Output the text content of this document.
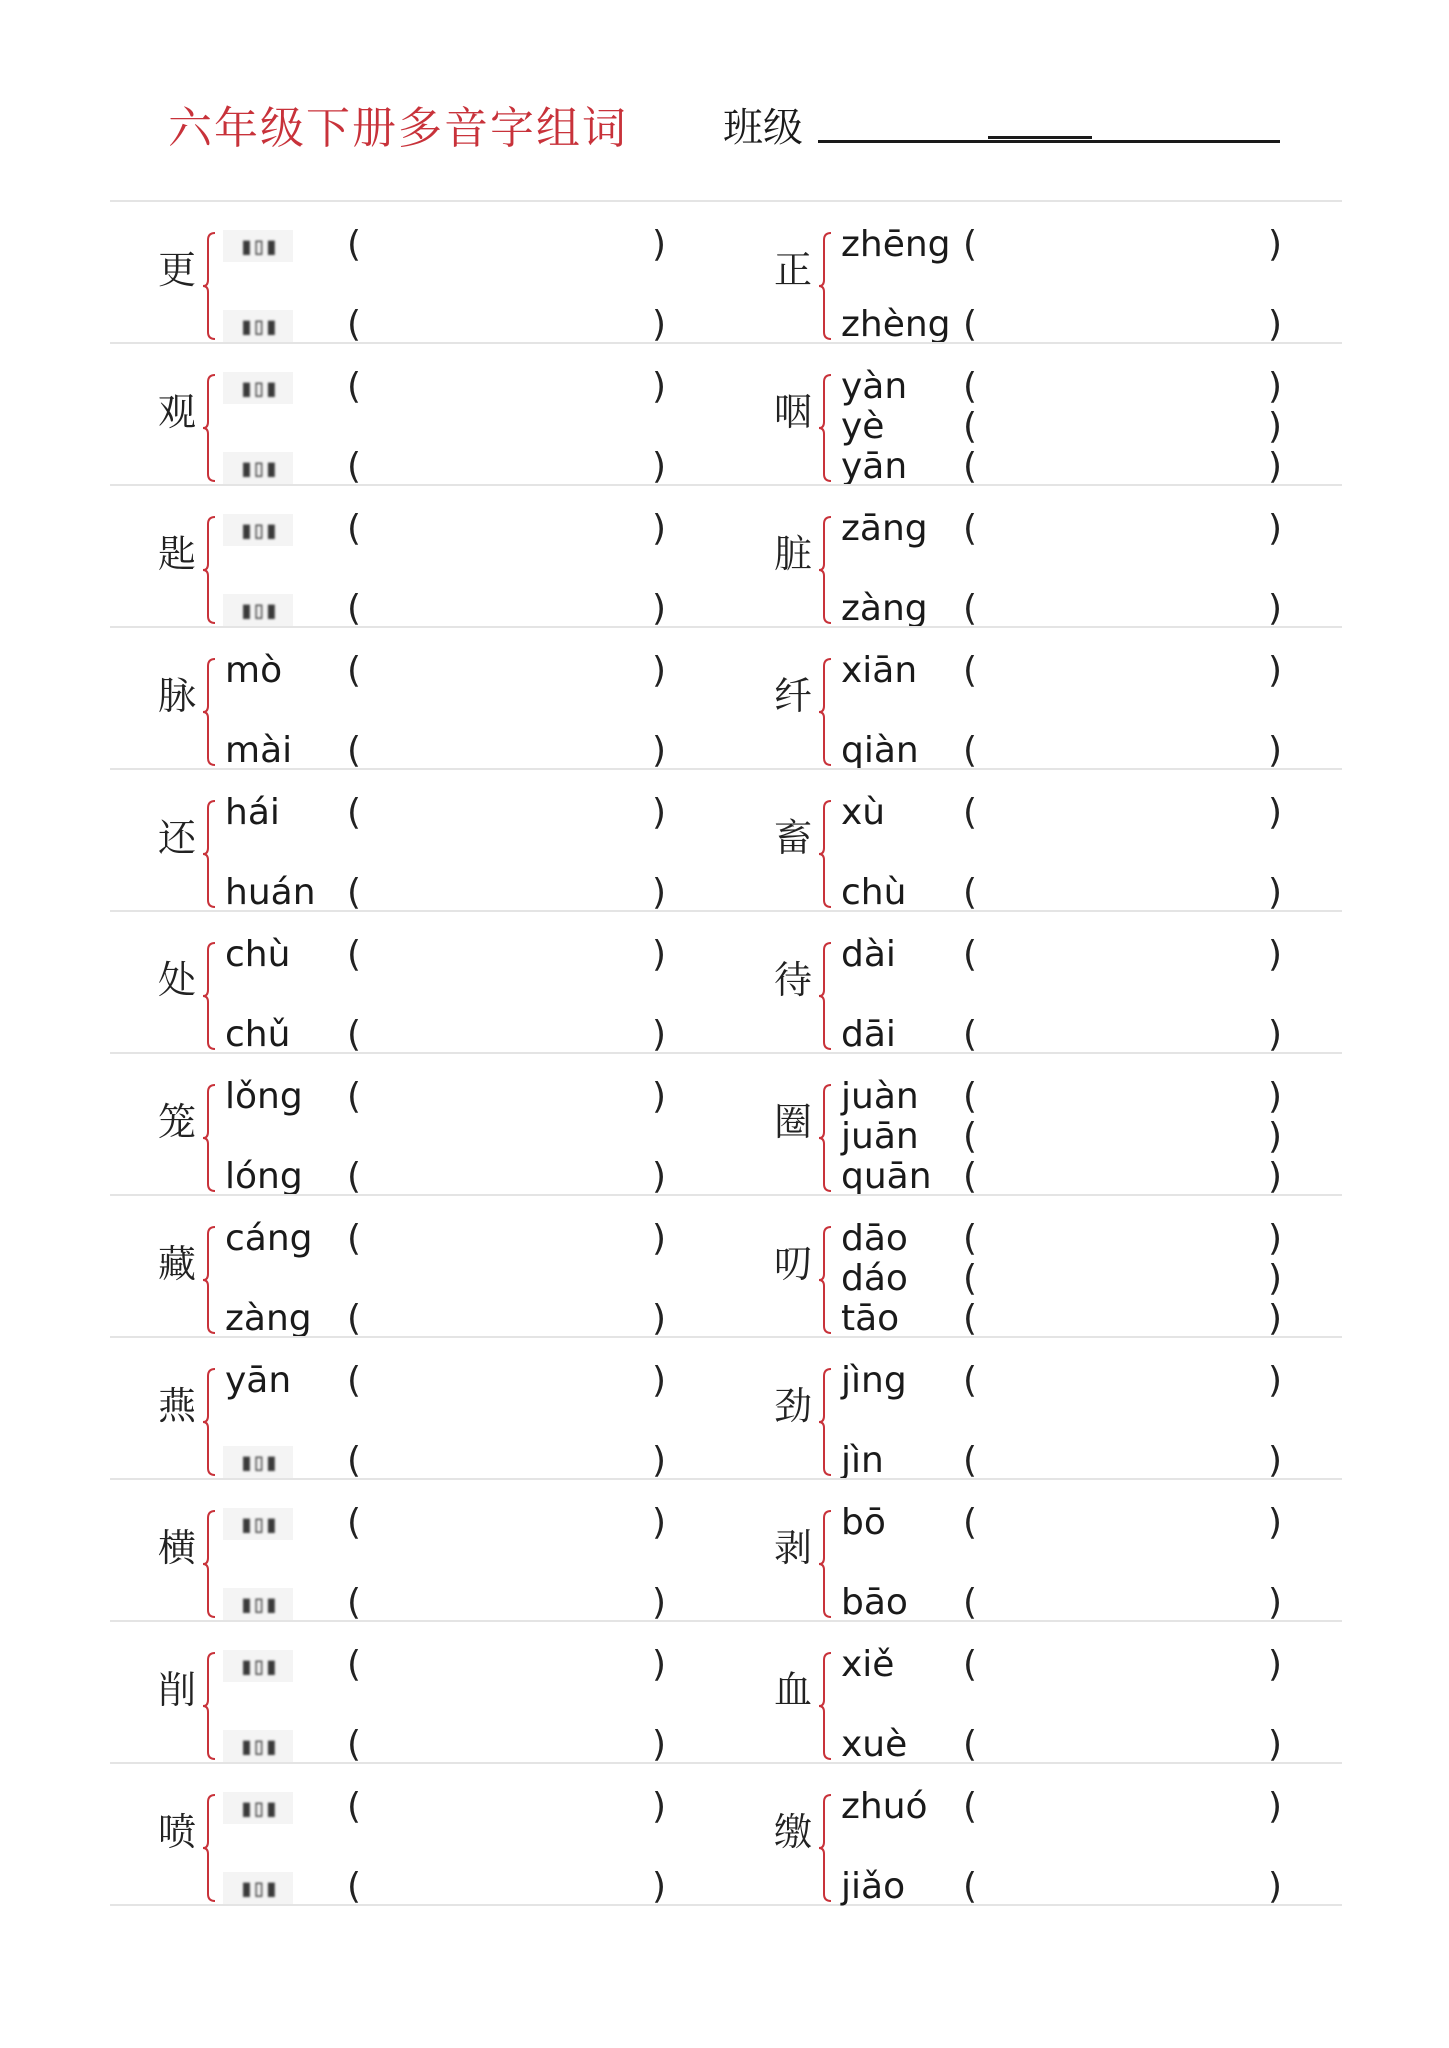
六年级下册多音字组词 班级
更
▮▯▮ (	)
▮▯▮ (	)
正
zhēng (	)
zhèng (	)
观
▮▯▮ (	)
▮▯▮ (	)
咽
yàn (	)
yè (	)
yān (	)
匙
▮▯▮ (	)
▮▯▮ (	)
脏
zāng (	)
zàng (	)
脉
mò (	)
mài (	)
纤
xiān (	)
qiàn (	)
还
hái (	)
huán (	)
畜
xù (	)
chù (	)
处
chù (	)
chǔ (	)
待
dài (	)
dāi (	)
笼
lǒng (	)
lóng (	)
圈
juàn (	)
juān (	)
quān (	)
藏
cáng (	)
zàng (	)
叨
dāo (	)
dáo (	)
tāo (	)
燕
yān (	)
▮▯▮ (	)
劲
jìng (	)
jìn (	)
横
▮▯▮ (	)
▮▯▮ (	)
剥
bō (	)
bāo (	)
削
▮▯▮ (	)
▮▯▮ (	)
血
xiě (	)
xuè (	)
喷
▮▯▮ (	)
▮▯▮ (	)
缴
zhuó (	)
jiǎo (	)
